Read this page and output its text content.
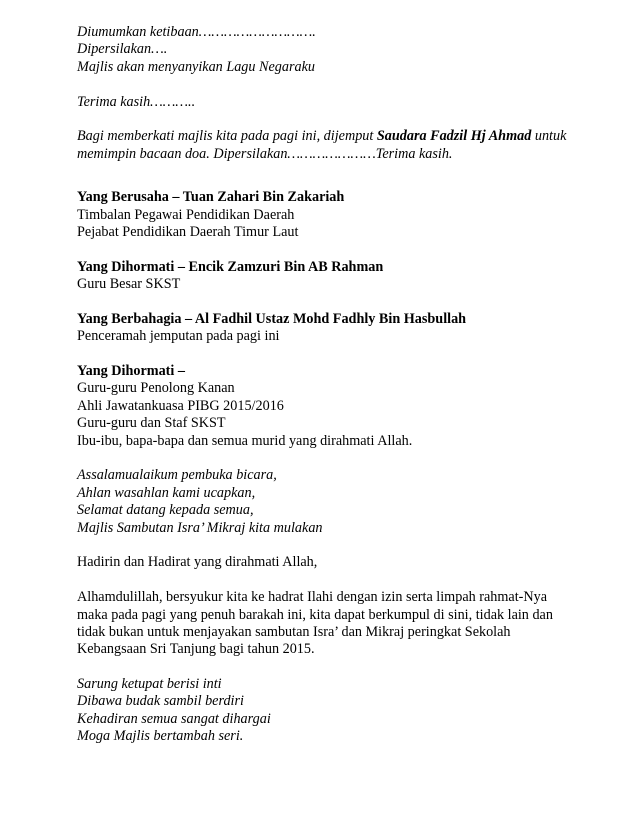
Diumumkan ketibaan……………………….
Dipersilakan….
Majlis akan menyanyikan Lagu Negaraku
Terima kasih………..
Bagi memberkati majlis kita pada pagi ini, dijemput Saudara Fadzil Hj Ahmad untuk
memimpin bacaan doa. Dipersilakan…………………Terima kasih.
Yang Berusaha – Tuan Zahari Bin Zakariah
Timbalan Pegawai Pendidikan Daerah
Pejabat Pendidikan Daerah Timur Laut
Yang Dihormati – Encik Zamzuri Bin AB Rahman
Guru Besar SKST
Yang Berbahagia – Al Fadhil Ustaz Mohd Fadhly Bin Hasbullah
Penceramah jemputan pada pagi ini
Yang Dihormati –
Guru-guru Penolong Kanan
Ahli Jawatankuasa PIBG 2015/2016
Guru-guru dan Staf SKST
Ibu-ibu, bapa-bapa dan semua murid yang dirahmati Allah.
Assalamualaikum pembuka bicara,
Ahlan wasahlan kami ucapkan,
Selamat datang kepada semua,
Majlis Sambutan Isra’ Mikraj kita mulakan
Hadirin dan Hadirat yang dirahmati Allah,
Alhamdulillah, bersyukur kita ke hadrat Ilahi dengan izin serta limpah rahmat-Nya
maka pada pagi yang penuh barakah ini, kita dapat berkumpul di sini, tidak lain dan
tidak bukan untuk menjayakan sambutan Isra’ dan Mikraj peringkat Sekolah
Kebangsaan Sri Tanjung bagi tahun 2015.
Sarung ketupat berisi inti
Dibawa budak sambil berdiri
Kehadiran semua sangat dihargai
Moga Majlis bertambah seri.
